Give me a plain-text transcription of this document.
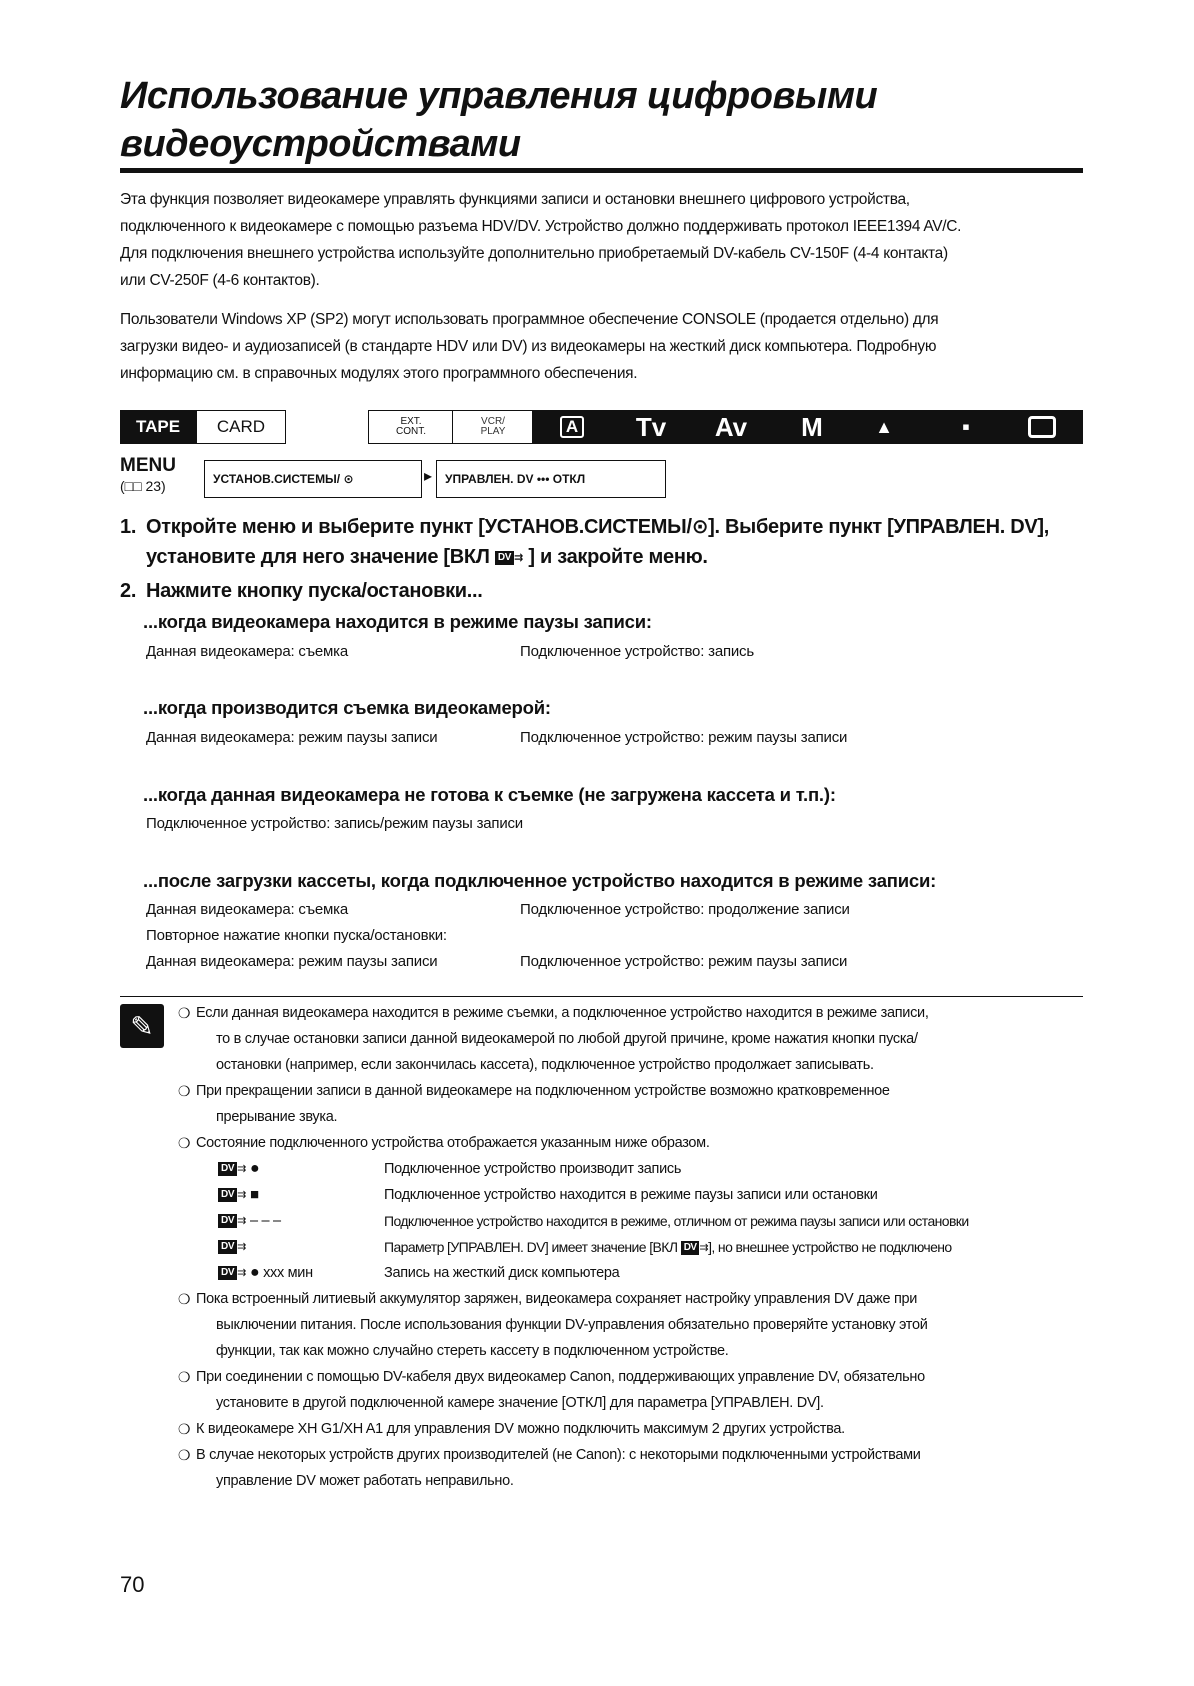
Использование управления цифровыми
видеоустройствами
Эта функция позволяет видеокамере управлять функциями записи и остановки внешнего цифрового устройства,
подключенного к видеокамере с помощью разъема HDV/DV. Устройство должно поддерживать протокол IEEE1394 AV/C.
Для подключения внешнего устройства используйте дополнительно приобретаемый DV-кабель CV-150F (4-4 контакта)
или CV-250F (4-6 контактов).
Пользователи Windows XP (SP2) могут использовать программное обеспечение CONSOLE (продается отдельно) для
загрузки видео- и аудиозаписей (в стандарте HDV или DV) из видеокамеры на жесткий диск компьютера. Подробную
информацию см. в справочных модулях этого программного обеспечения.
TAPE	CARD	EXT.
CONT.
VCR/
PLAY	A	Tv	Av	M	▲	▪
MENU
(□□ 23)	УСТАНОВ.СИСТЕМЫ/ ⊙	▸	УПРАВЛЕН. DV ••• ОТКЛ
1. Откройте меню и выберите пункт [УСТАНОВ.СИСТЕМЫ/⊙]. Выберите пункт [УПРАВЛЕН. DV],
установите для него значение [ВКЛ DV ⇉ ] и закройте меню.
2. Нажмите кнопку пуска/остановки...
...когда видеокамера находится в режиме паузы записи:
Данная видеокамера: съемка	Подключенное устройство: запись
...когда производится съемка видеокамерой:
Данная видеокамера: режим паузы записи	Подключенное устройство: режим паузы записи
...когда данная видеокамера не готова к съемке (не загружена кассета и т.п.):
Подключенное устройство: запись/режим паузы записи
...после загрузки кассеты, когда подключенное устройство находится в режиме записи:
Данная видеокамера: съемка	Подключенное устройство: продолжение записи
Повторное нажатие кнопки пуска/остановки:
Данная видеокамера: режим паузы записи	Подключенное устройство: режим паузы записи
✎	❍ Если данная видеокамера находится в режиме съемки, а подключенное устройство находится в режиме записи,
то в случае остановки записи данной видеокамерой по любой другой причине, кроме нажатия кнопки пуска/
остановки (например, если закончилась кассета), подключенное устройство продолжает записывать.
❍ При прекращении записи в данной видеокамере на подключенном устройстве возможно кратковременное
прерывание звука.
❍ Состояние подключенного устройства отображается указанным ниже образом.
DV ⇉ ●	Подключенное устройство производит запись
DV ⇉ ■	Подключенное устройство находится в режиме паузы записи или остановки
DV ⇉ – – –	Подключенное устройство находится в режиме, отличном от режима паузы записи или остановки
DV ⇉	Параметр [УПРАВЛЕН. DV] имеет значение [ВКЛ DV ⇉], но внешнее устройство не подключено
DV ⇉ ● xxx мин	Запись на жесткий диск компьютера
❍ Пока встроенный литиевый аккумулятор заряжен, видеокамера сохраняет настройку управления DV даже при
выключении питания. После использования функции DV-управления обязательно проверяйте установку этой
функции, так как можно случайно стереть кассету в подключенном устройстве.
❍ При соединении с помощью DV-кабеля двух видеокамер Canon, поддерживающих управление DV, обязательно
установите в другой подключенной камере значение [ОТКЛ] для параметра [УПРАВЛЕН. DV].
❍ К видеокамере XH G1/XH A1 для управления DV можно подключить максимум 2 других устройства.
❍ В случае некоторых устройств других производителей (не Canon): с некоторыми подключенными устройствами
управление DV может работать неправильно.
70
